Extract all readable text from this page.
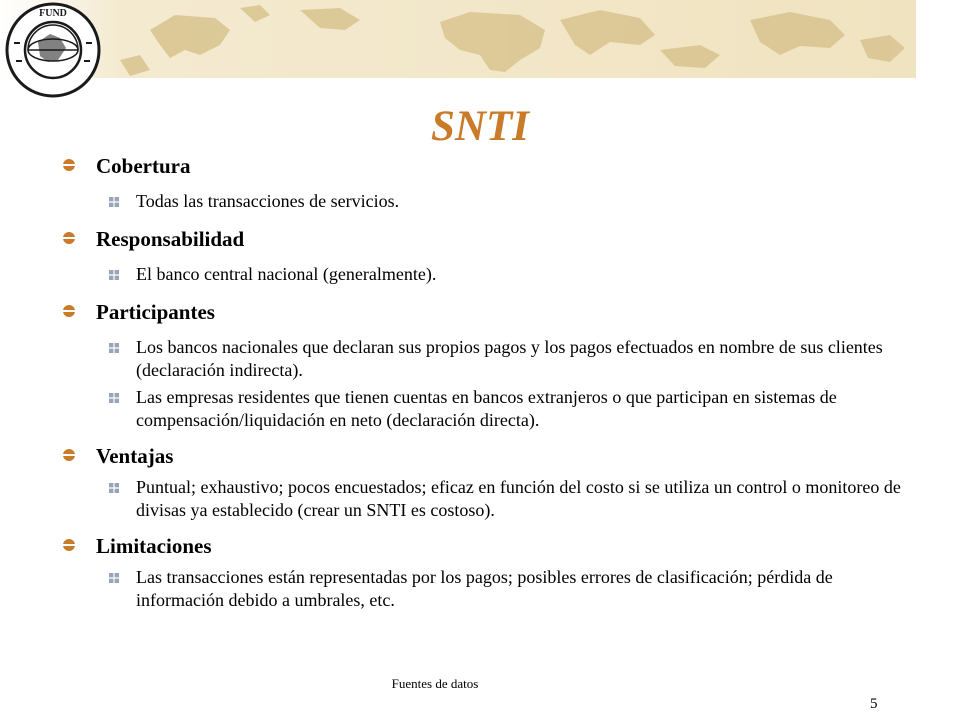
FUND
SNTI
Cobertura
Todas las transacciones de servicios.
Responsabilidad
El banco central nacional (generalmente).
Participantes
Los bancos nacionales que declaran sus propios pagos y los pagos efectuados en nombre de sus clientes (declaración indirecta).
Las empresas residentes que tienen cuentas en bancos extranjeros o que participan en sistemas de compensación/liquidación en neto (declaración directa).
Ventajas
Puntual; exhaustivo; pocos encuestados; eficaz en función del costo si se utiliza un control o monitoreo de divisas ya establecido (crear un SNTI es costoso).
Limitaciones
Las transacciones están representadas por los pagos; posibles errores de clasificación; pérdida de información debido a umbrales, etc.
Fuentes de datos
5
